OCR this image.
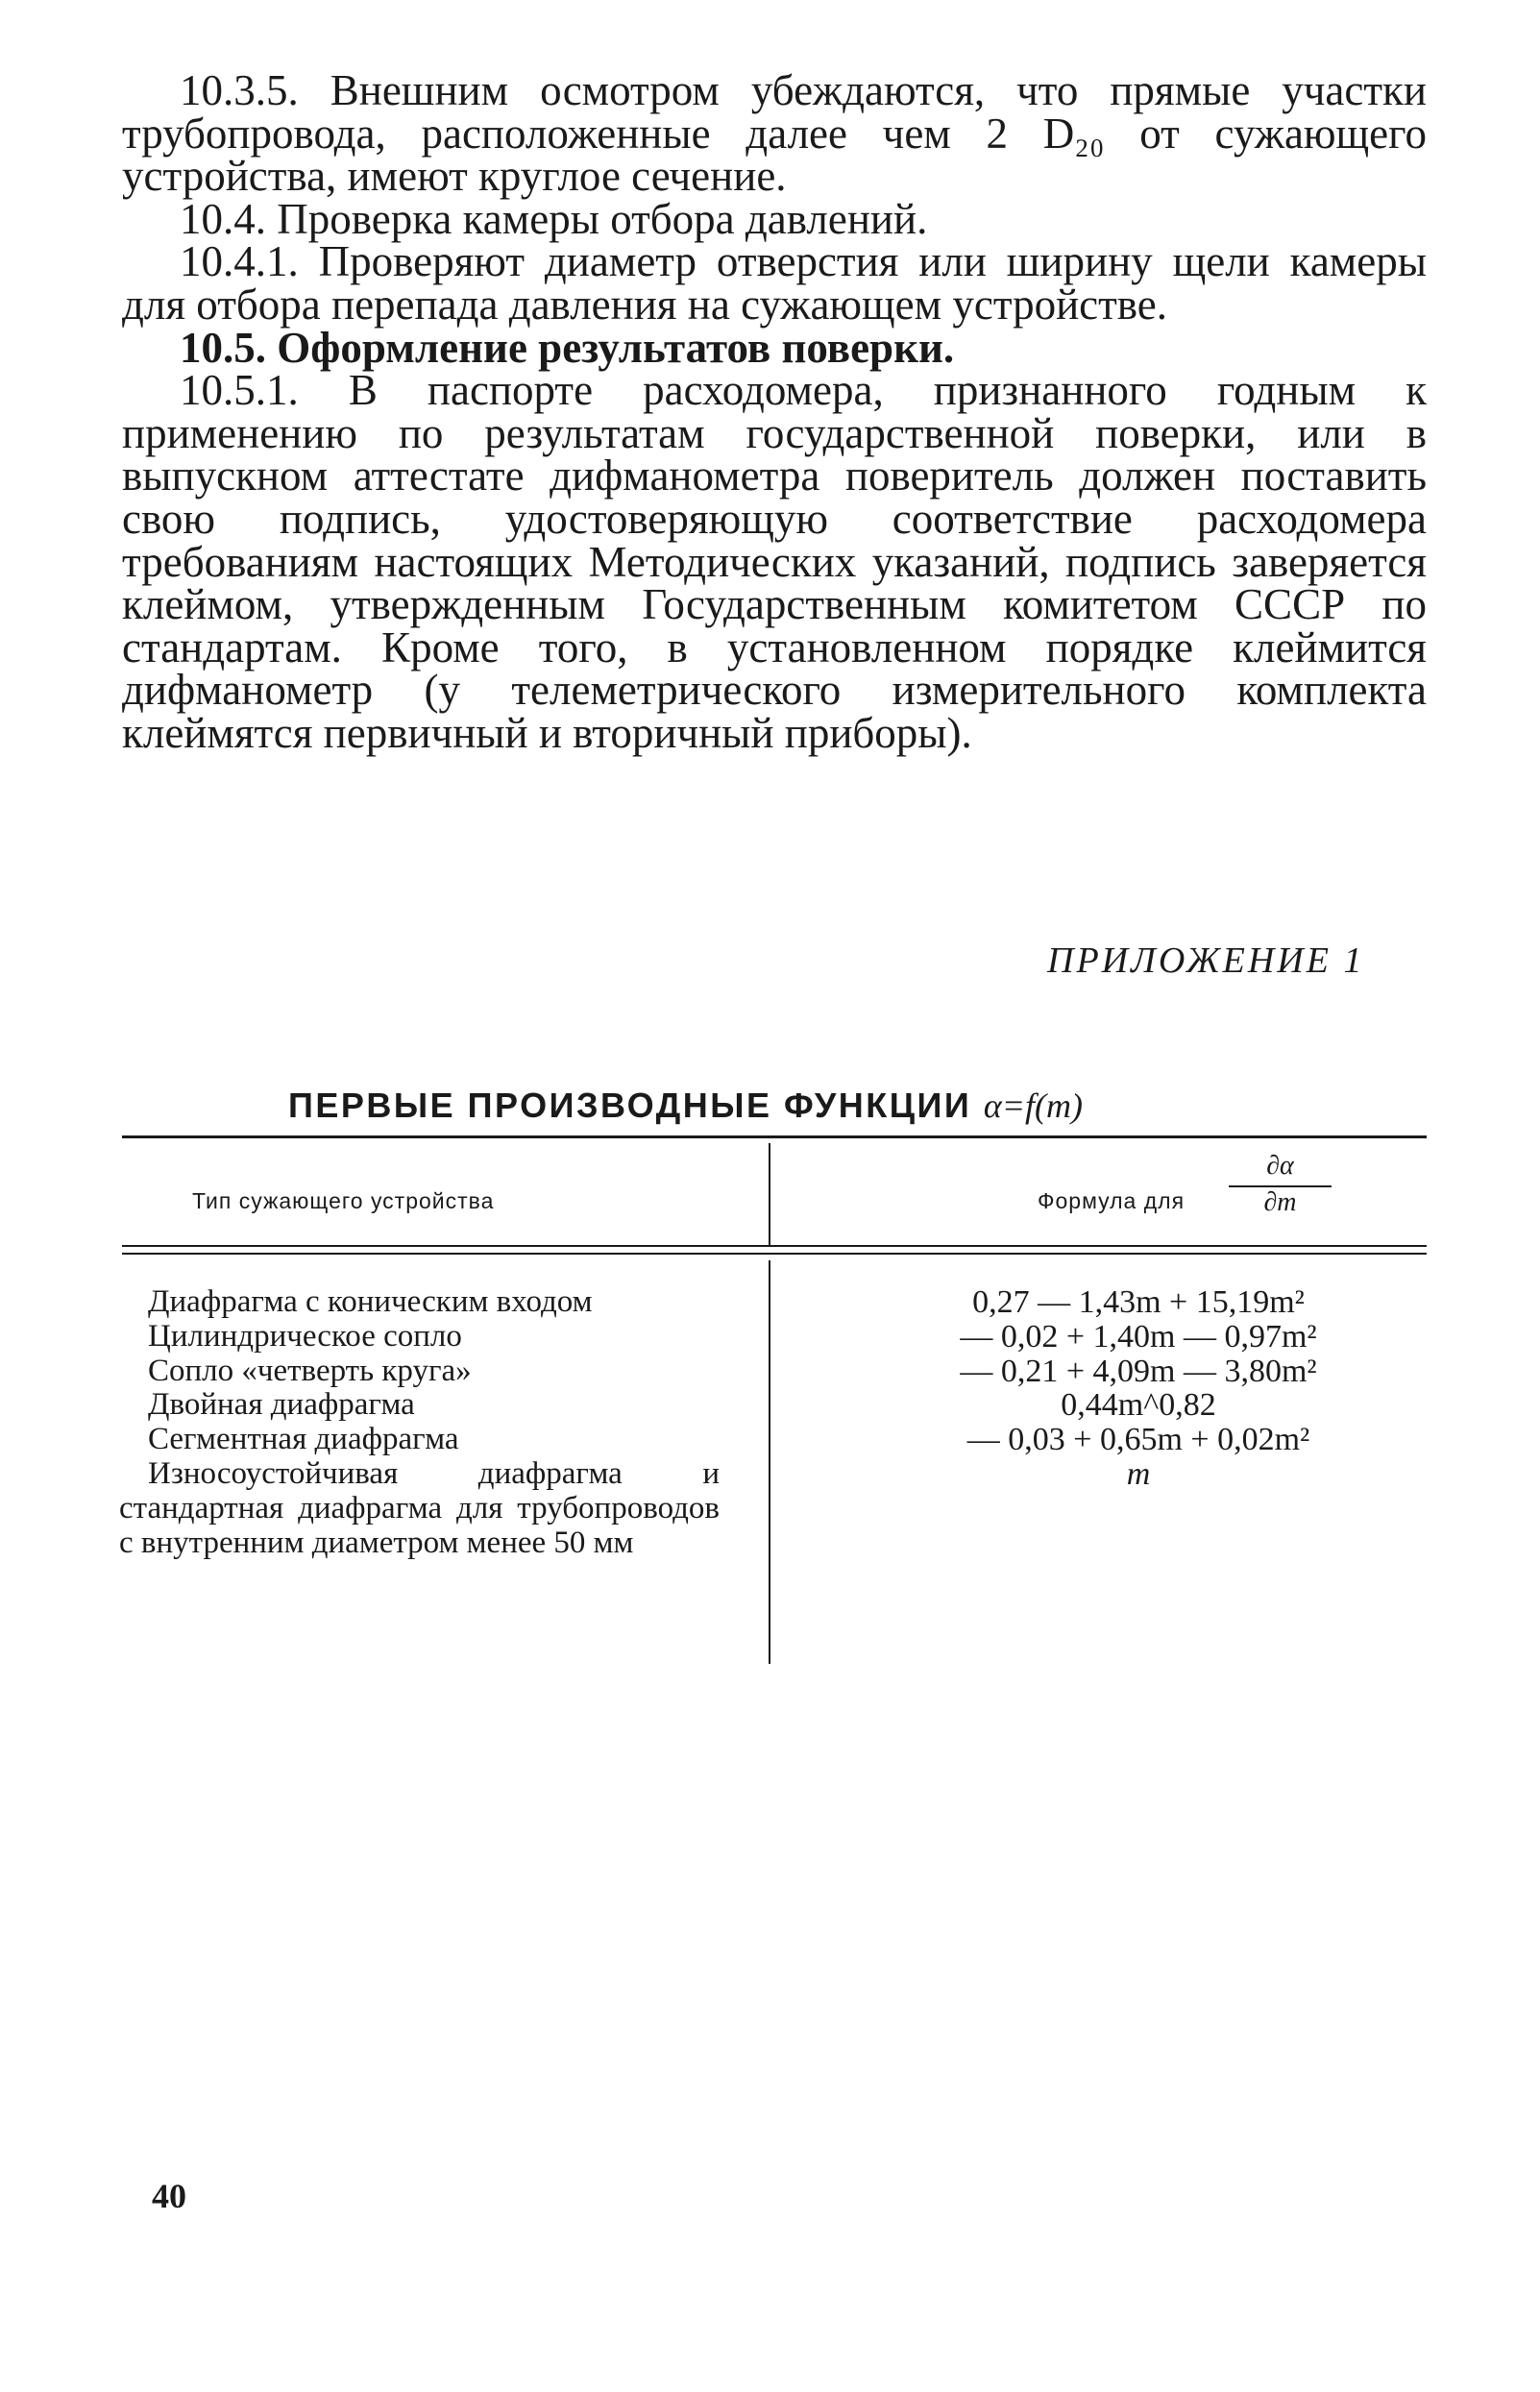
10.3.5. Внешним осмотром убеждаются, что прямые участки трубопровода, расположенные далее чем 2 D₂₀ от сужающего устройства, имеют круглое сечение.

10.4. Проверка камеры отбора давлений.

10.4.1. Проверяют диаметр отверстия или ширину щели камеры для отбора перепада давления на сужающем устройстве.

10.5. Оформление результатов поверки.

10.5.1. В паспорте расходомера, признанного годным к применению по результатам государственной поверки, или в выпускном аттестате дифманометра поверитель должен поставить свою подпись, удостоверяющую соответствие расходомера требованиям настоящих Методических указаний, подпись заверяется клеймом, утвержденным Государственным комитетом СССР по стандартам. Кроме того, в установленном порядке клеймится дифманометр (у телеметрического измерительного комплекта клеймятся первичный и вторичный приборы).

ПРИЛОЖЕНИЕ 1
ПЕРВЫЕ ПРОИЗВОДНЫЕ ФУНКЦИИ α=f(m)
Тип сужающего устройства	Формула для
∂α
∂m

Диафрагма с коническим входом

Цилиндрическое сопло

Сопло «четверть круга»

Двойная диафрагма

Сегментная диафрагма

Износоустойчивая диафрагма и стандартная диафрагма для трубопроводов с внутренним диаметром менее 50 мм

0,27 — 1,43m + 15,19m²

— 0,02 + 1,40m — 0,97m²

— 0,21 + 4,09m — 3,80m²

0,44m^0,82

— 0,03 + 0,65m + 0,02m²

m

40
